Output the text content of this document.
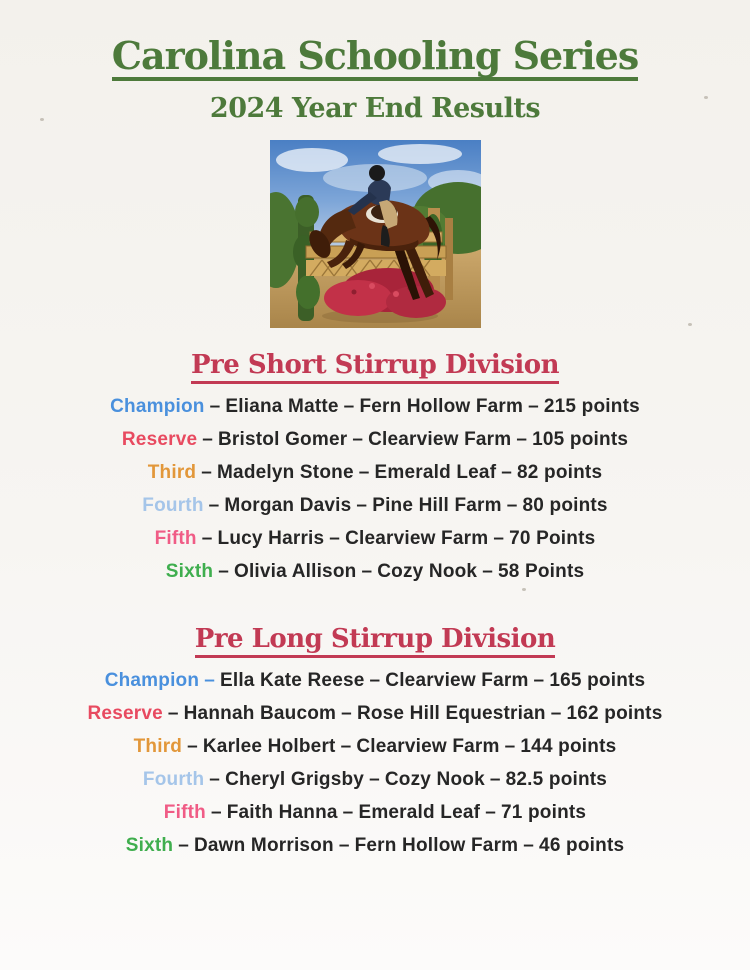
Carolina Schooling Series
2024 Year End Results
Pre Short Stirrup Division
Champion – Eliana Matte – Fern Hollow Farm – 215 points
Reserve – Bristol Gomer – Clearview Farm – 105 points
Third – Madelyn Stone – Emerald Leaf – 82 points
Fourth – Morgan Davis – Pine Hill Farm – 80 points
Fifth – Lucy Harris – Clearview Farm – 70 Points
Sixth – Olivia Allison – Cozy Nook – 58 Points
Pre Long Stirrup Division
Champion – Ella Kate Reese – Clearview Farm – 165 points
Reserve – Hannah Baucom – Rose Hill Equestrian – 162 points
Third – Karlee Holbert – Clearview Farm – 144 points
Fourth – Cheryl Grigsby – Cozy Nook – 82.5 points
Fifth – Faith Hanna – Emerald Leaf – 71 points
Sixth – Dawn Morrison – Fern Hollow Farm – 46 points
